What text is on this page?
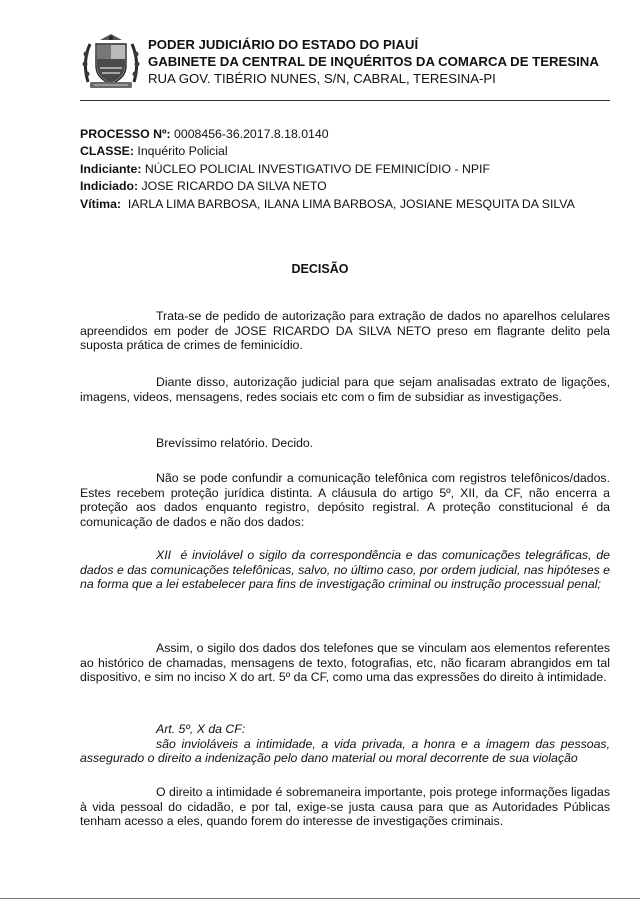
PODER JUDICIÁRIO DO ESTADO DO PIAUÍ
GABINETE DA CENTRAL DE INQUÉRITOS DA COMARCA DE TERESINA
RUA GOV. TIBÉRIO NUNES, S/N, CABRAL, TERESINA-PI
PROCESSO Nº: 0008456-36.2017.8.18.0140
CLASSE: Inquérito Policial
Indiciante: NÚCLEO POLICIAL INVESTIGATIVO DE FEMINICÍDIO - NPIF
Indiciado: JOSE RICARDO DA SILVA NETO
Vítima:  IARLA LIMA BARBOSA, ILANA LIMA BARBOSA, JOSIANE MESQUITA DA SILVA
DECISÃO
Trata-se de pedido de autorização para extração de dados no aparelhos celulares apreendidos em poder de JOSE RICARDO DA SILVA NETO preso em flagrante delito pela suposta prática de crimes de feminicídio.
Diante disso, autorização judicial para que sejam analisadas extrato de ligações, imagens, videos, mensagens, redes sociais etc com o fim de subsidiar as investigações.
Brevíssimo relatório. Decido.
Não se pode confundir a comunicação telefônica com registros telefônicos/dados. Estes recebem proteção jurídica distinta. A cláusula do artigo 5º, XII, da CF, não encerra a proteção aos dados enquanto registro, depósito registral. A proteção constitucional é da comunicação de dados e não dos dados:
XII  é inviolável o sigilo da correspondência e das comunicações telegráficas, de dados e das comunicações telefônicas, salvo, no último caso, por ordem judicial, nas hipóteses e na forma que a lei estabelecer para fins de investigação criminal ou instrução processual penal;
Assim, o sigilo dos dados dos telefones que se vinculam aos elementos referentes ao histórico de chamadas, mensagens de texto, fotografias, etc, não ficaram abrangidos em tal dispositivo, e sim no inciso X do art. 5º da CF, como uma das expressões do direito à intimidade.
Art. 5º, X da CF:
são invioláveis a intimidade, a vida privada, a honra e a imagem das pessoas, assegurado o direito a indenização pelo dano material ou moral decorrente de sua violação
O direito a intimidade é sobremaneira importante, pois protege informações ligadas à vida pessoal do cidadão, e por tal, exige-se justa causa para que as Autoridades Públicas tenham acesso a eles, quando forem do interesse de investigações criminais.
